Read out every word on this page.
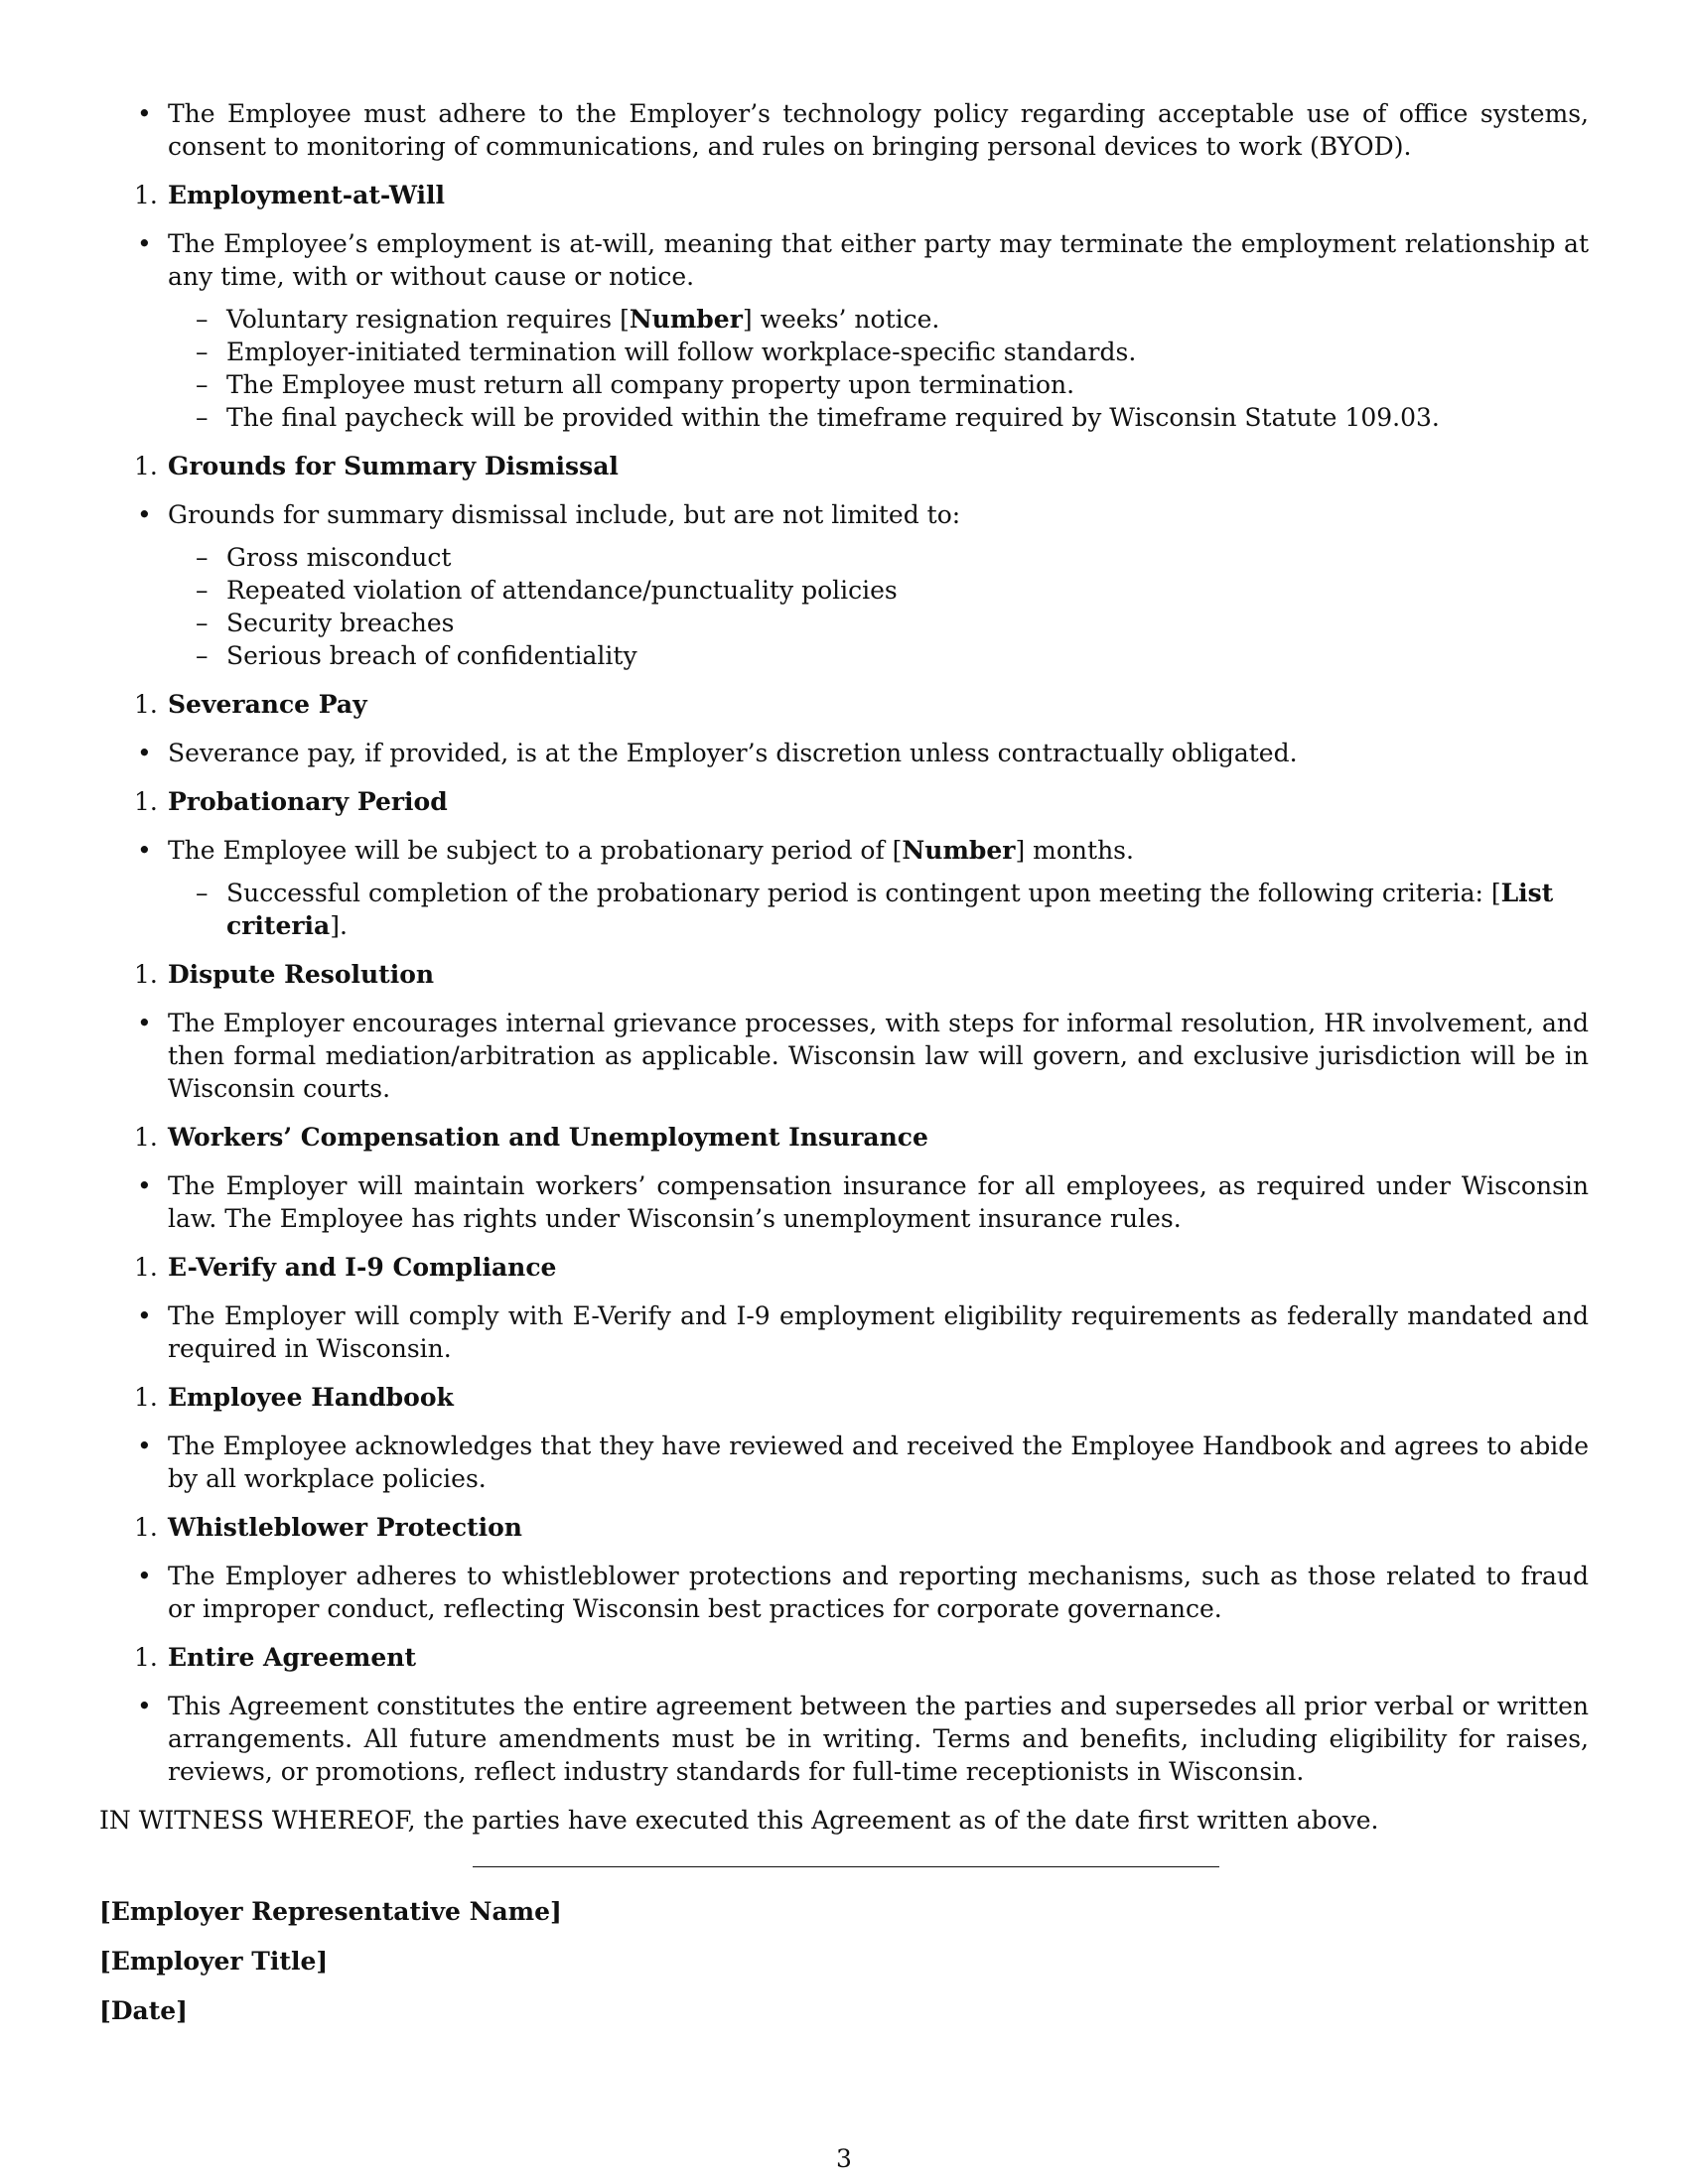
• The Employee must adhere to the Employer’s technology policy regarding acceptable use of office systems, consent to monitoring of communications, and rules on bringing personal devices to work (BYOD).
1. Employment-at-Will
• The Employee’s employment is at-will, meaning that either party may terminate the employment relationship at any time, with or without cause or notice.
– Voluntary resignation requires [Number] weeks’ notice.
– Employer-initiated termination will follow workplace-specific standards.
– The Employee must return all company property upon termination.
– The final paycheck will be provided within the timeframe required by Wisconsin Statute 109.03.
1. Grounds for Summary Dismissal
• Grounds for summary dismissal include, but are not limited to:
– Gross misconduct
– Repeated violation of attendance/punctuality policies
– Security breaches
– Serious breach of confidentiality
1. Severance Pay
• Severance pay, if provided, is at the Employer’s discretion unless contractually obligated.
1. Probationary Period
• The Employee will be subject to a probationary period of [Number] months.
– Successful completion of the probationary period is contingent upon meeting the following criteria: [List criteria].
1. Dispute Resolution
• The Employer encourages internal grievance processes, with steps for informal resolution, HR involvement, and then formal mediation/arbitration as applicable. Wisconsin law will govern, and exclusive jurisdiction will be in Wisconsin courts.
1. Workers’ Compensation and Unemployment Insurance
• The Employer will maintain workers’ compensation insurance for all employees, as required under Wisconsin law. The Employee has rights under Wisconsin’s unemployment insurance rules.
1. E-Verify and I-9 Compliance
• The Employer will comply with E-Verify and I-9 employment eligibility requirements as federally mandated and required in Wisconsin.
1. Employee Handbook
• The Employee acknowledges that they have reviewed and received the Employee Handbook and agrees to abide by all workplace policies.
1. Whistleblower Protection
• The Employer adheres to whistleblower protections and reporting mechanisms, such as those related to fraud or improper conduct, reflecting Wisconsin best practices for corporate governance.
1. Entire Agreement
• This Agreement constitutes the entire agreement between the parties and supersedes all prior verbal or written arrangements. All future amendments must be in writing. Terms and benefits, including eligibility for raises, reviews, or promotions, reflect industry standards for full-time receptionists in Wisconsin.
IN WITNESS WHEREOF, the parties have executed this Agreement as of the date first written above.
[Employer Representative Name]
[Employer Title]
[Date]
3
